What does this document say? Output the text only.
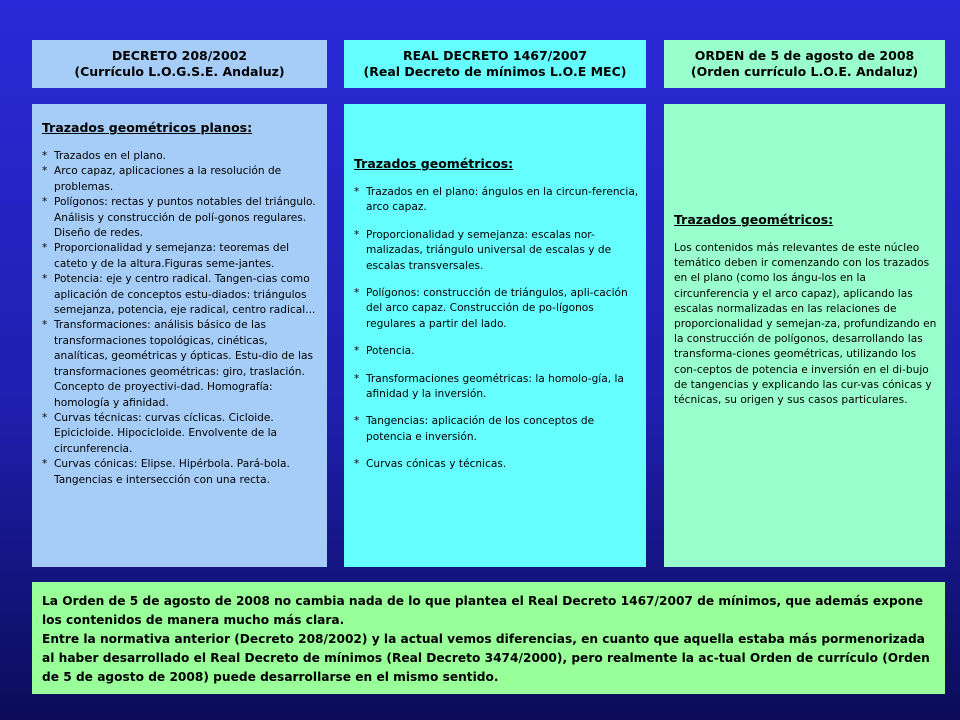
DECRETO 208/2002
(Currículo L.O.G.S.E. Andaluz)
REAL DECRETO 1467/2007
(Real Decreto de mínimos L.O.E MEC)
ORDEN de 5 de agosto de 2008
(Orden currículo L.O.E. Andaluz)
Trazados geométricos planos:
* Trazados en el plano.
* Arco capaz, aplicaciones a la resolución de problemas.
* Polígonos: rectas y puntos notables del triángulo. Análisis y construcción de polí-gonos regulares. Diseño de redes.
* Proporcionalidad y semejanza: teoremas del cateto y de la altura.Figuras seme-jantes.
* Potencia: eje y centro radical. Tangen-cias como aplicación de conceptos estu-diados: triángulos semejanza, potencia, eje radical, centro radical...
* Transformaciones: análisis básico de las transformaciones topológicas, cinéticas, analíticas, geométricas y ópticas. Estu-dio de las transformaciones geométricas: giro, traslación. Concepto de proyectivi-dad. Homografía: homología y afinidad.
* Curvas técnicas: curvas cíclicas. Cicloide. Epicicloide. Hipocicloide. Envolvente de la circunferencia.
* Curvas cónicas: Elipse. Hipérbola. Pará-bola. Tangencias e intersección con una recta.
Trazados geométricos:
* Trazados en el plano: ángulos en la circun-ferencia, arco capaz.
* Proporcionalidad y semejanza: escalas nor-malizadas, triángulo universal de escalas y de escalas transversales.
* Polígonos: construcción de triángulos, apli-cación del arco capaz. Construcción de po-lígonos regulares a partir del lado.
* Potencia.
* Transformaciones geométricas: la homolo-gía, la afinidad y la inversión.
* Tangencias: aplicación de los conceptos de potencia e inversión.
* Curvas cónicas y técnicas.
Trazados geométricos:
Los contenidos más relevantes de este núcleo temático deben ir comenzando con los trazados en el plano (como los ángu-los en la circunferencia y el arco capaz), aplicando las escalas normalizadas en las relaciones de proporcionalidad y semejan-za, profundizando en la construcción de polígonos, desarrollando las transforma-ciones geométricas, utilizando los con-ceptos de potencia e inversión en el di-bujo de tangencias y explicando las cur-vas cónicas y técnicas, su origen y sus casos particulares.

La Orden de 5 de agosto de 2008 no cambia nada de lo que plantea el Real Decreto 1467/2007 de mínimos, que además expone los contenidos de manera mucho más clara.

Entre la normativa anterior (Decreto 208/2002) y la actual vemos diferencias, en cuanto que aquella estaba más pormenorizada al haber desarrollado el Real Decreto de mínimos (Real Decreto 3474/2000), pero realmente la ac-tual Orden de currículo (Orden de 5 de agosto de 2008) puede desarrollarse en el mismo sentido.
